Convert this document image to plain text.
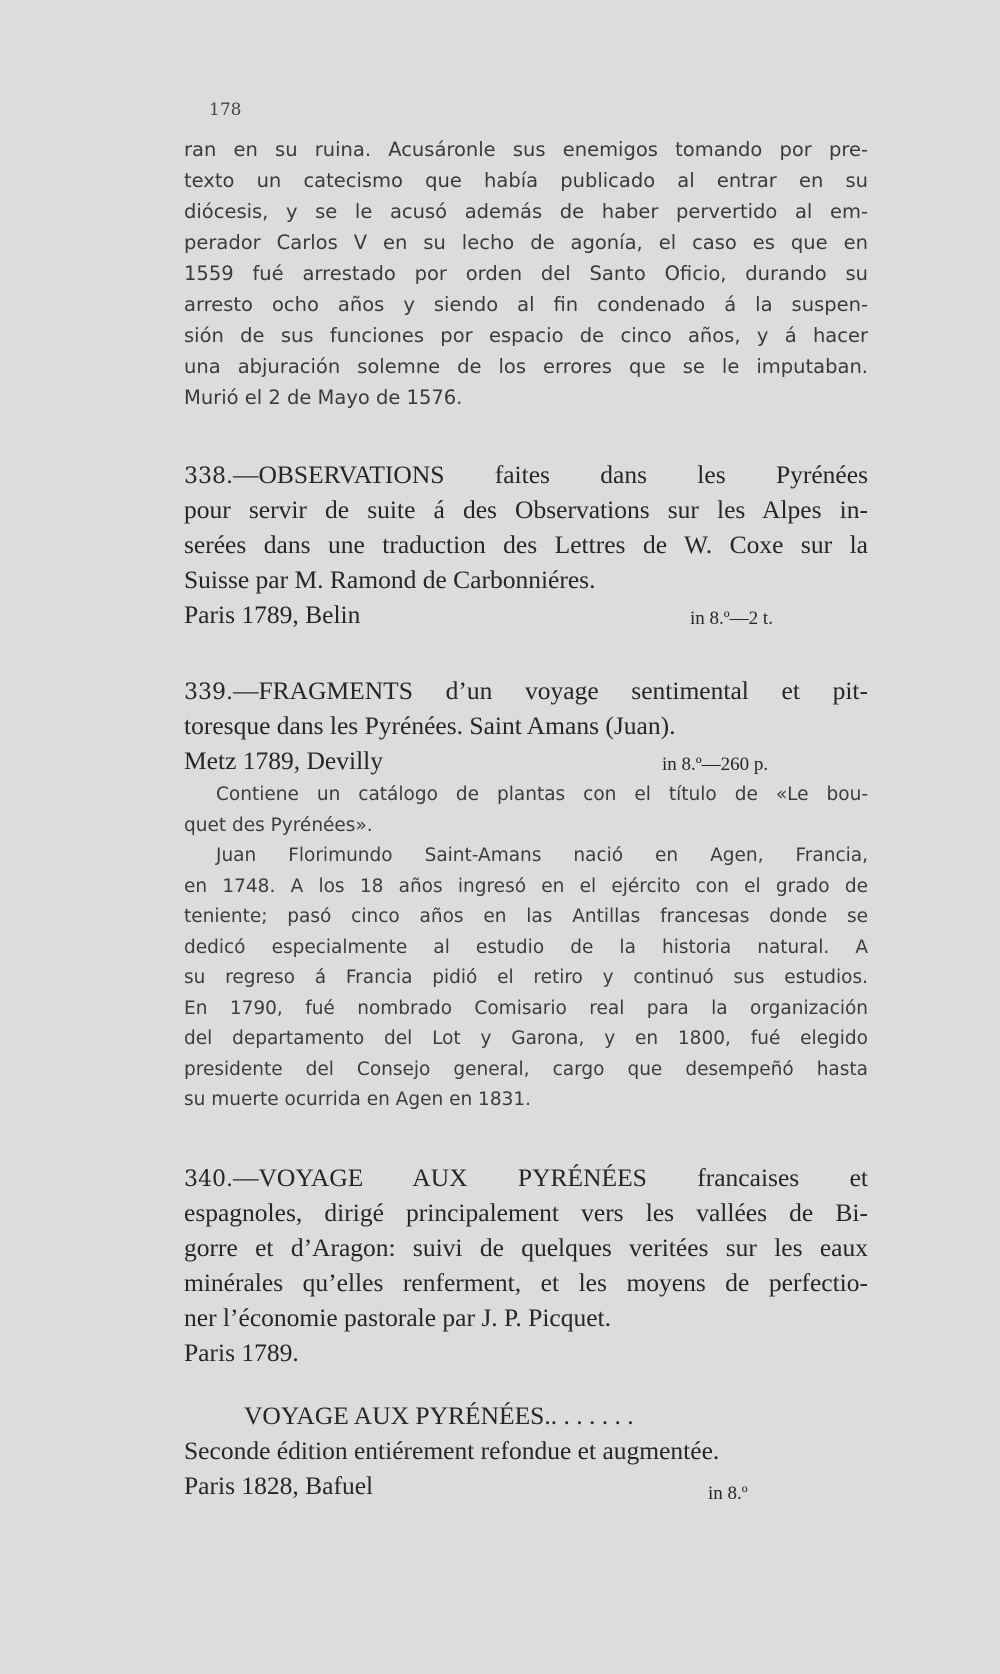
178
ran en su ruina. Acusáronle sus enemigos tomando por pre-
texto un catecismo que había publicado al entrar en su
diócesis, y se le acusó además de haber pervertido al em-
perador Carlos V en su lecho de agonía, el caso es que en
1559 fué arrestado por orden del Santo Oficio, durando su
arresto ocho años y siendo al fin condenado á la suspen-
sión de sus funciones por espacio de cinco años, y á hacer
una abjuración solemne de los errores que se le imputaban.
Murió el 2 de Mayo de 1576.
338.—OBSERVATIONS faites dans les Pyrénées
pour servir de suite á des Observations sur les Alpes in-
serées dans une traduction des Lettres de W. Coxe sur la
Suisse par M. Ramond de Carbonniéres.
Paris 1789, Belin	in 8.º—2 t.
339.—FRAGMENTS d’un voyage sentimental et pit-
toresque dans les Pyrénées. Saint Amans (Juan).
Metz 1789, Devilly	in 8.º—260 p.
Contiene un catálogo de plantas con el título de «Le bou-
quet des Pyrénées».
Juan Florimundo Saint-Amans nació en Agen, Francia,
en 1748. A los 18 años ingresó en el ejército con el grado de
teniente; pasó cinco años en las Antillas francesas donde se
dedicó especialmente al estudio de la historia natural. A
su regreso á Francia pidió el retiro y continuó sus estudios.
En 1790, fué nombrado Comisario real para la organización
del departamento del Lot y Garona, y en 1800, fué elegido
presidente del Consejo general, cargo que desempeñó hasta
su muerte ocurrida en Agen en 1831.
340.—VOYAGE AUX PYRÉNÉES francaises et
espagnoles, dirigé principalement vers les vallées de Bi-
gorre et d’Aragon: suivi de quelques veritées sur les eaux
minérales qu’elles renferment, et les moyens de perfectio-
ner l’économie pastorale par J. P. Picquet.
Paris 1789.
VOYAGE AUX PYRÉNÉES.. . . . . . .
Seconde édition entiérement refondue et augmentée.
Paris 1828, Bafuel	in 8.º
